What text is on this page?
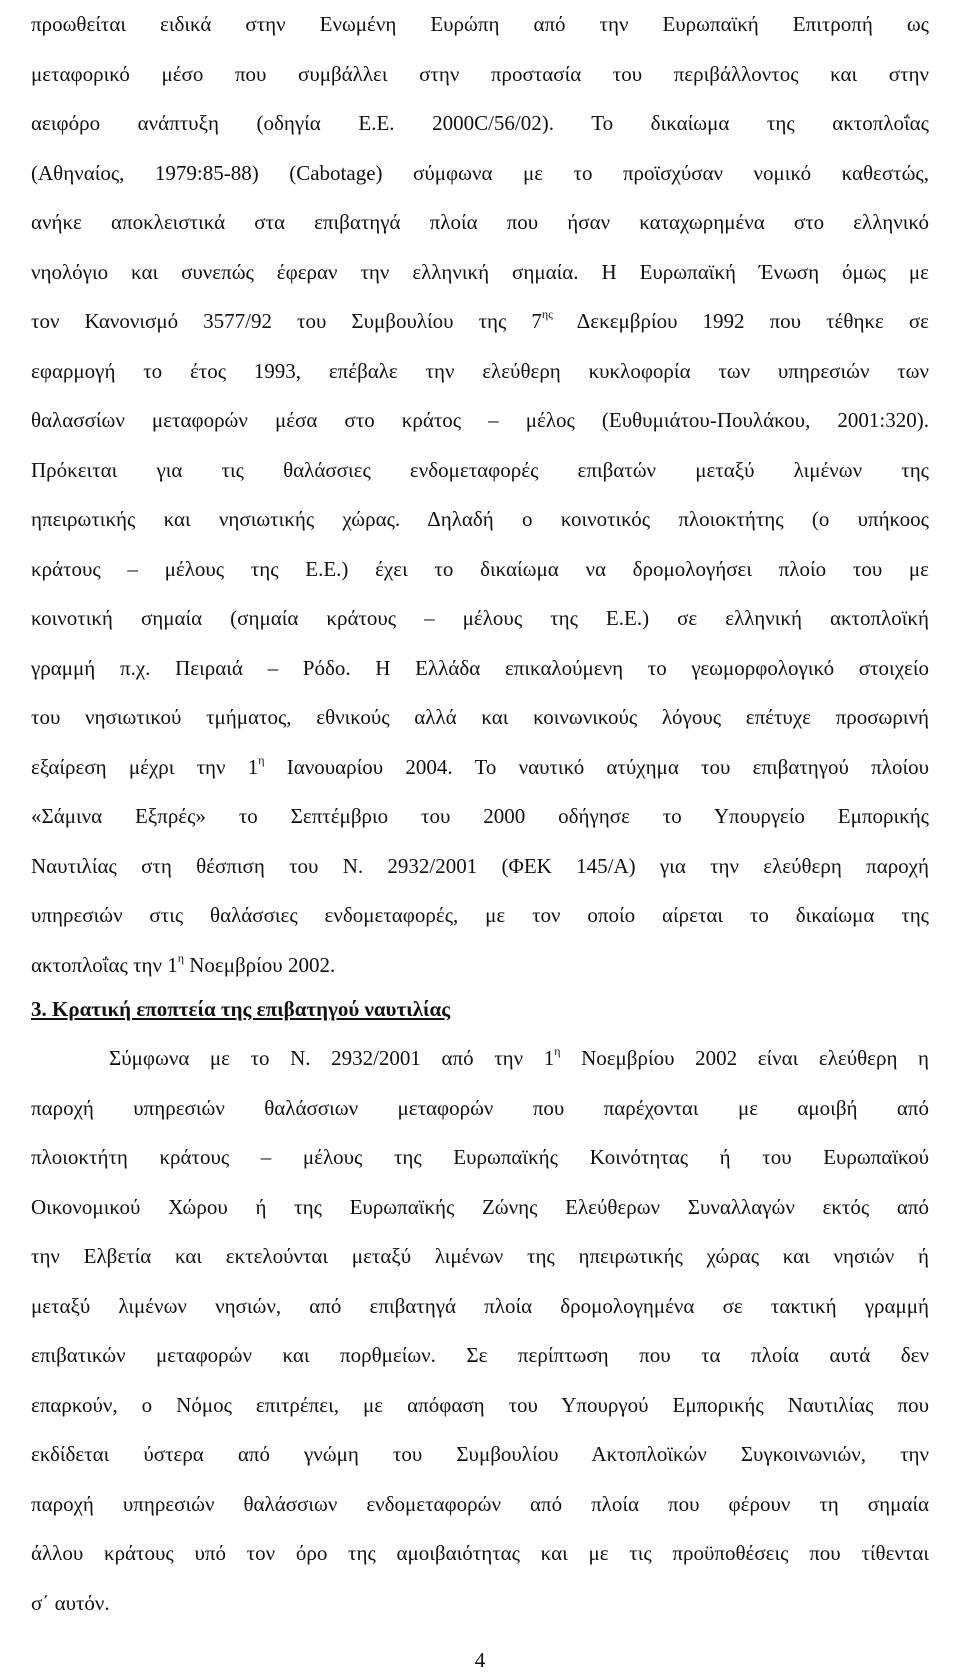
προωθείται ειδικά στην Ενωμένη Ευρώπη από την Ευρωπαϊκή Επιτροπή ως
μεταφορικό μέσο που συμβάλλει στην προστασία του περιβάλλοντος και στην
αειφόρο ανάπτυξη (οδηγία Ε.Ε. 2000C/56/02). Το δικαίωμα της ακτοπλοΐας
(Αθηναίος, 1979:85-88) (Cabotage) σύμφωνα με το προϊσχύσαν νομικό καθεστώς,
ανήκε αποκλειστικά στα επιβατηγά πλοία που ήσαν καταχωρημένα στο ελληνικό
νηολόγιο και συνεπώς έφεραν την ελληνική σημαία. Η Ευρωπαϊκή Ένωση όμως με
τον Κανονισμό 3577/92 του Συμβουλίου της $7^{\eta\varsigma}$ Δεκεμβρίου 1992 που τέθηκε σε
εφαρμογή το έτος 1993, επέβαλε την ελεύθερη κυκλοφορία των υπηρεσιών των
θαλασσίων μεταφορών μέσα στο κράτος – μέλος (Ευθυμιάτου-Πουλάκου, 2001:320).
Πρόκειται για τις θαλάσσιες ενδομεταφορές επιβατών μεταξύ λιμένων της
ηπειρωτικής και νησιωτικής χώρας. Δηλαδή ο κοινοτικός πλοιοκτήτης (ο υπήκοος
κράτους – μέλους της Ε.Ε.) έχει το δικαίωμα να δρομολογήσει πλοίο του με
κοινοτική σημαία (σημαία κράτους – μέλους της Ε.Ε.) σε ελληνική ακτοπλοϊκή
γραμμή π.χ. Πειραιά – Ρόδο. Η Ελλάδα επικαλούμενη το γεωμορφολογικό στοιχείο
του νησιωτικού τμήματος, εθνικούς αλλά και κοινωνικούς λόγους επέτυχε προσωρινή
εξαίρεση μέχρι την $1^\eta$ Ιανουαρίου 2004. Το ναυτικό ατύχημα του επιβατηγού πλοίου
«Σάμινα Εξπρές» το Σεπτέμβριο του 2000 οδήγησε το Υπουργείο Εμπορικής
Ναυτιλίας στη θέσπιση του Ν. 2932/2001 (ΦΕΚ 145/Α) για την ελεύθερη παροχή
υπηρεσιών στις θαλάσσιες ενδομεταφορές, με τον οποίο αίρεται το δικαίωμα της
ακτοπλοΐας την $1^\eta$ Νοεμβρίου 2002.
3. Κρατική εποπτεία της επιβατηγού ναυτιλίας
Σύμφωνα με το Ν. 2932/2001 από την $1^\eta$ Νοεμβρίου 2002 είναι ελεύθερη η
παροχή υπηρεσιών θαλάσσιων μεταφορών που παρέχονται με αμοιβή από
πλοιοκτήτη κράτους – μέλους της Ευρωπαϊκής Κοινότητας ή του Ευρωπαϊκού
Οικονομικού Χώρου ή της Ευρωπαϊκής Ζώνης Ελεύθερων Συναλλαγών εκτός από
την Ελβετία και εκτελούνται μεταξύ λιμένων της ηπειρωτικής χώρας και νησιών ή
μεταξύ λιμένων νησιών, από επιβατηγά πλοία δρομολογημένα σε τακτική γραμμή
επιβατικών μεταφορών και πορθμείων. Σε περίπτωση που τα πλοία αυτά δεν
επαρκούν, ο Νόμος επιτρέπει, με απόφαση του Υπουργού Εμπορικής Ναυτιλίας που
εκδίδεται ύστερα από γνώμη του Συμβουλίου Ακτοπλοϊκών Συγκοινωνιών, την
παροχή υπηρεσιών θαλάσσιων ενδομεταφορών από πλοία που φέρουν τη σημαία
άλλου κράτους υπό τον όρο της αμοιβαιότητας και με τις προϋποθέσεις που τίθενται
σ΄ αυτόν.
4
